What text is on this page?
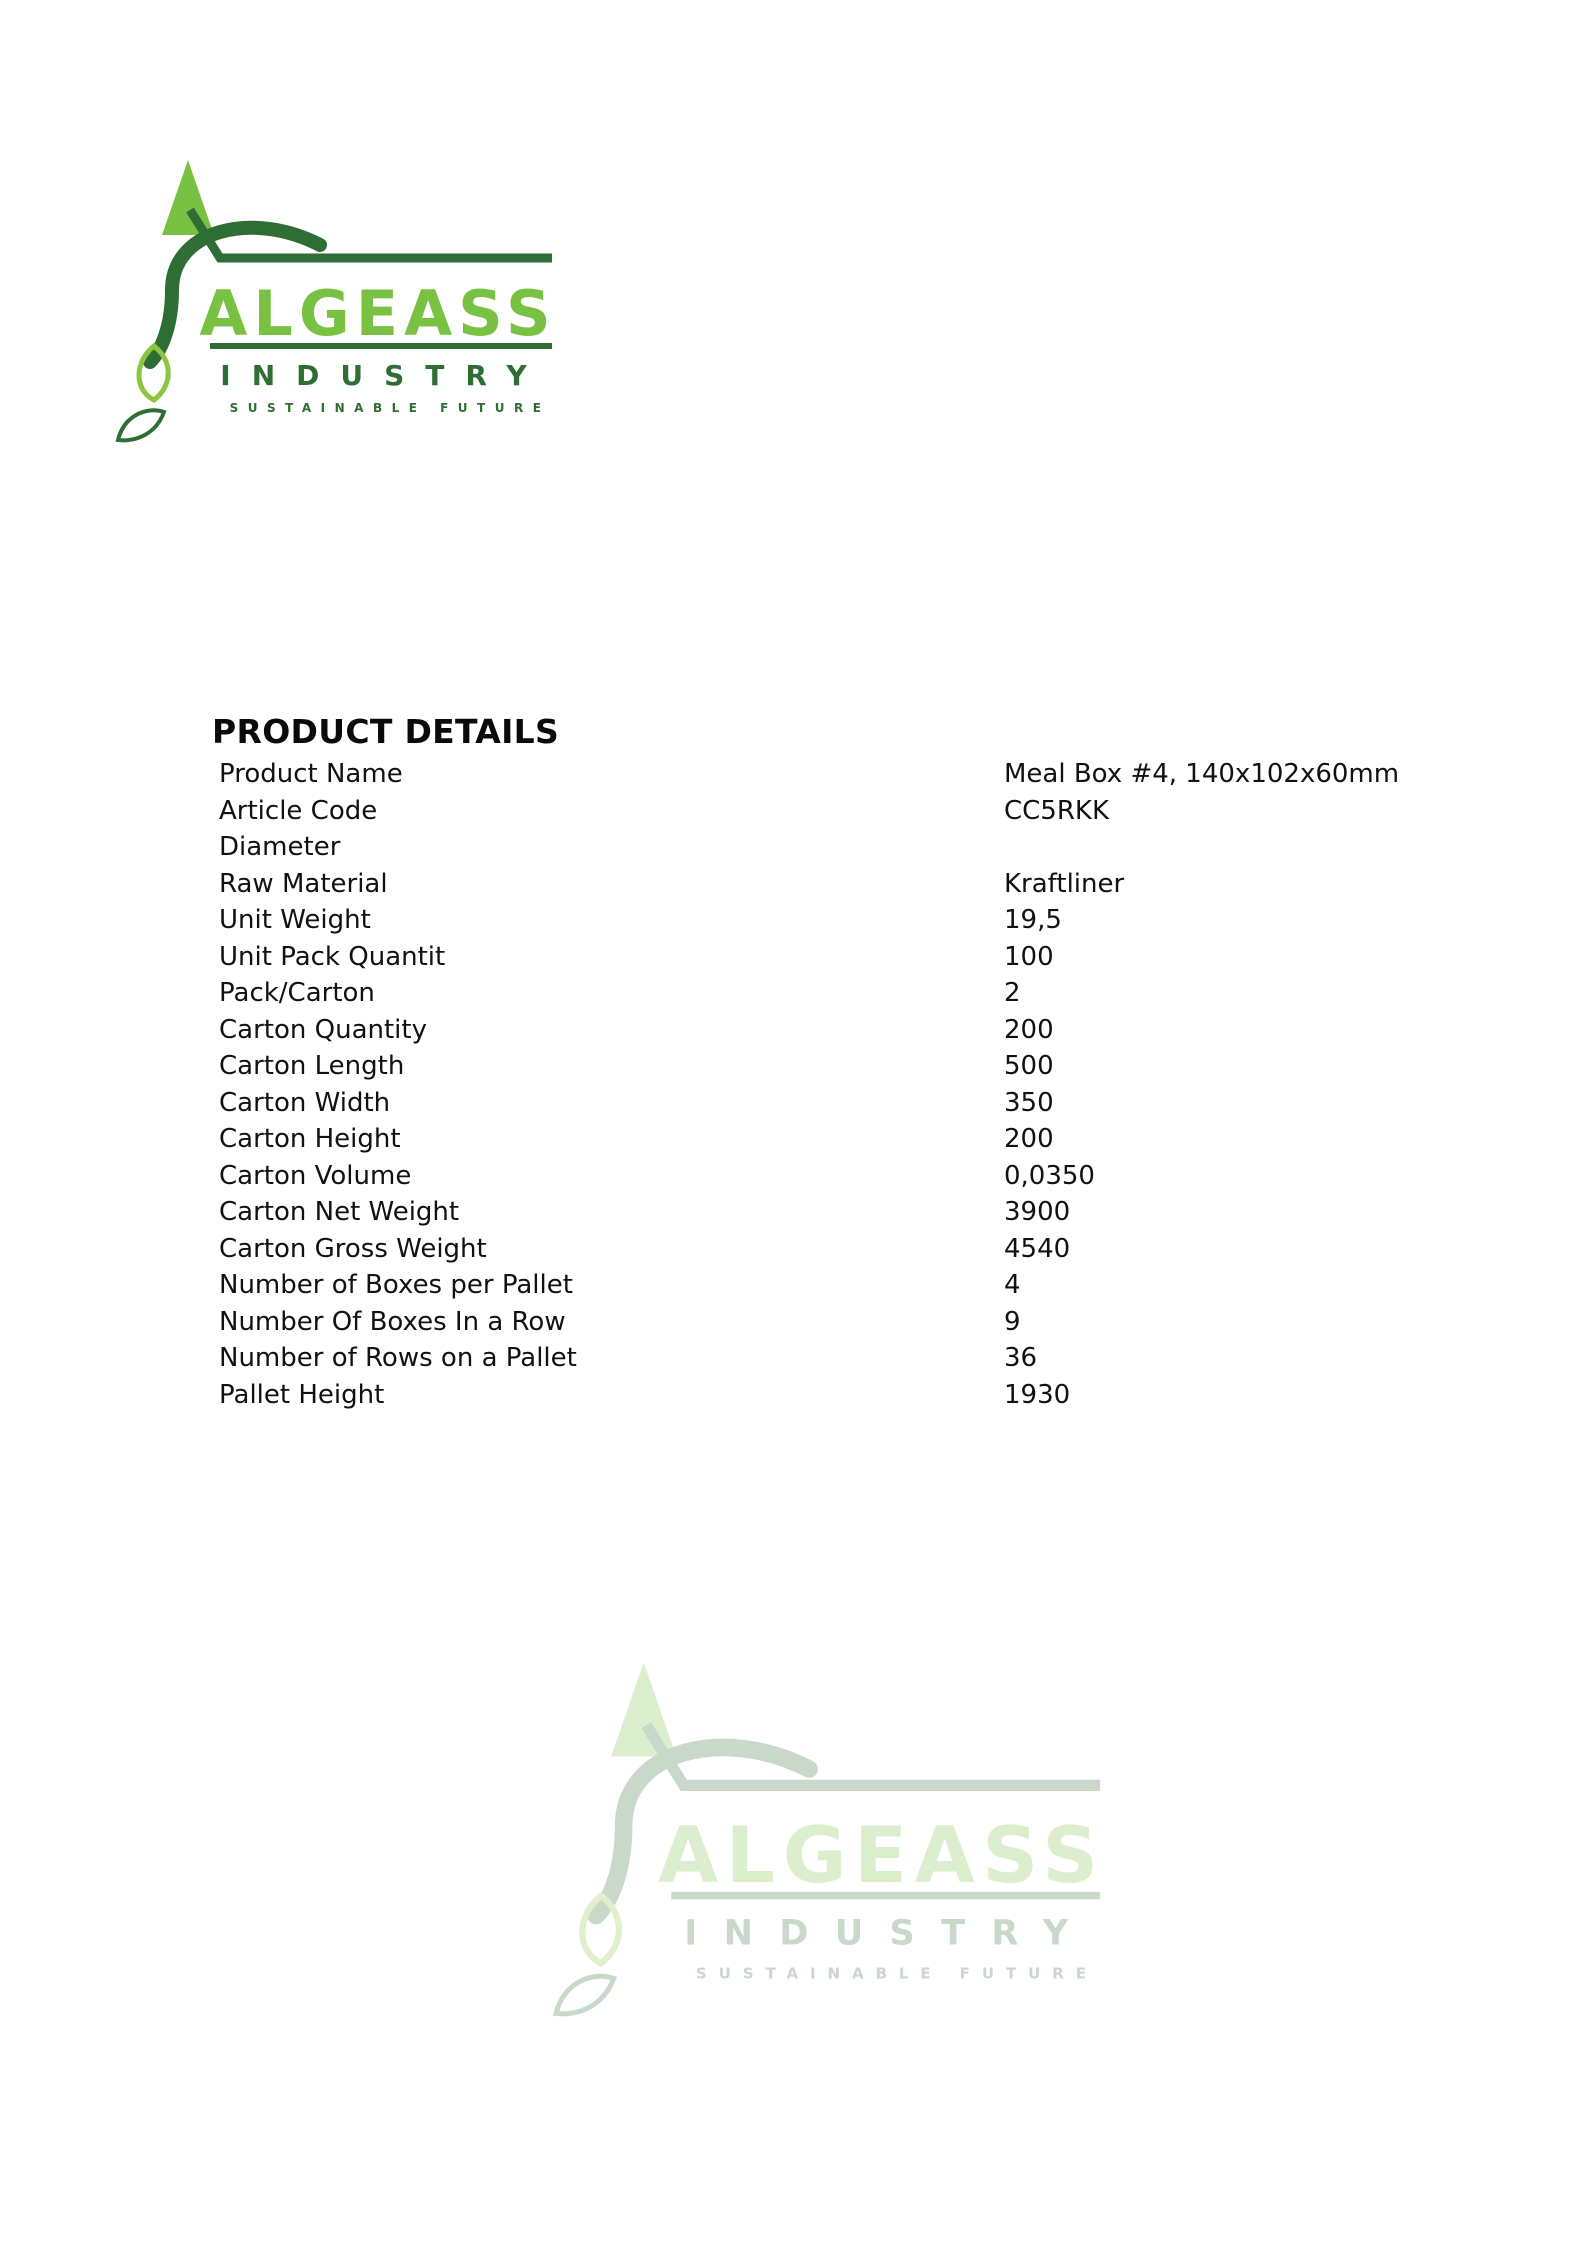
ALGEASS
INDUSTRY
SUSTAINABLE FUTURE
PRODUCT DETAILS
Product Name	Meal Box #4, 140x102x60mm
Article Code	CC5RKK
Diameter
Raw Material	Kraftliner
Unit Weight	19,5
Unit Pack Quantit	100
Pack/Carton	2
Carton Quantity	200
Carton Length	500
Carton Width	350
Carton Height	200
Carton Volume	0,0350
Carton Net Weight	3900
Carton Gross Weight	4540
Number of Boxes per Pallet	4
Number Of Boxes In a Row	9
Number of Rows on a Pallet	36
Pallet Height	1930
ALGEASS
INDUSTRY
SUSTAINABLE FUTURE
